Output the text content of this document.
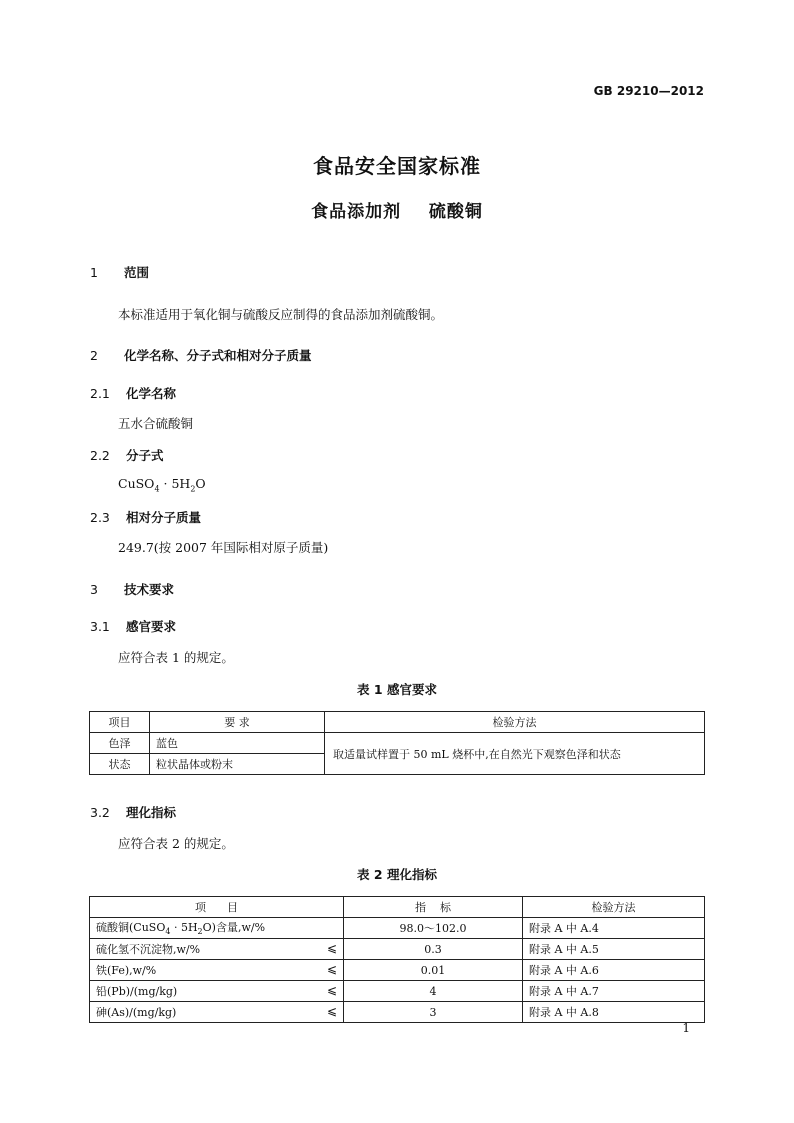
GB 29210—2012
食品安全国家标准
食品添加剂    硫酸铜
1 范围
本标准适用于氧化铜与硫酸反应制得的食品添加剂硫酸铜。
2 化学名称、分子式和相对分子质量
2.1 化学名称
五水合硫酸铜
2.2 分子式
CuSO$_4$ · $5H_2O$
2.3 相对分子质量
249.7(按 2007 年国际相对原子质量)
3 技术要求
3.1 感官要求
应符合表 1 的规定。
表 1 感官要求
项目	要 求	检验方法
色泽	蓝色	取适量试样置于 50 mL 烧杯中,在自然光下观察色泽和状态
状态	粒状晶体或粉末	
3.2 理化指标
应符合表 2 的规定。
表 2 理化指标
项      目	指    标	检验方法
硫酸铜(CuSO$_4$ · $5H_2O$)含量,w/%	98.0～102.0	附录 A 中 A.4
硫化氢不沉淀物,w/% ⩽	0.3	附录 A 中 A.5
铁(Fe),w/% ⩽	0.01	附录 A 中 A.6
铅(Pb)/(mg/kg) ⩽	4	附录 A 中 A.7
砷(As)/(mg/kg) ⩽	3	附录 A 中 A.8
1
